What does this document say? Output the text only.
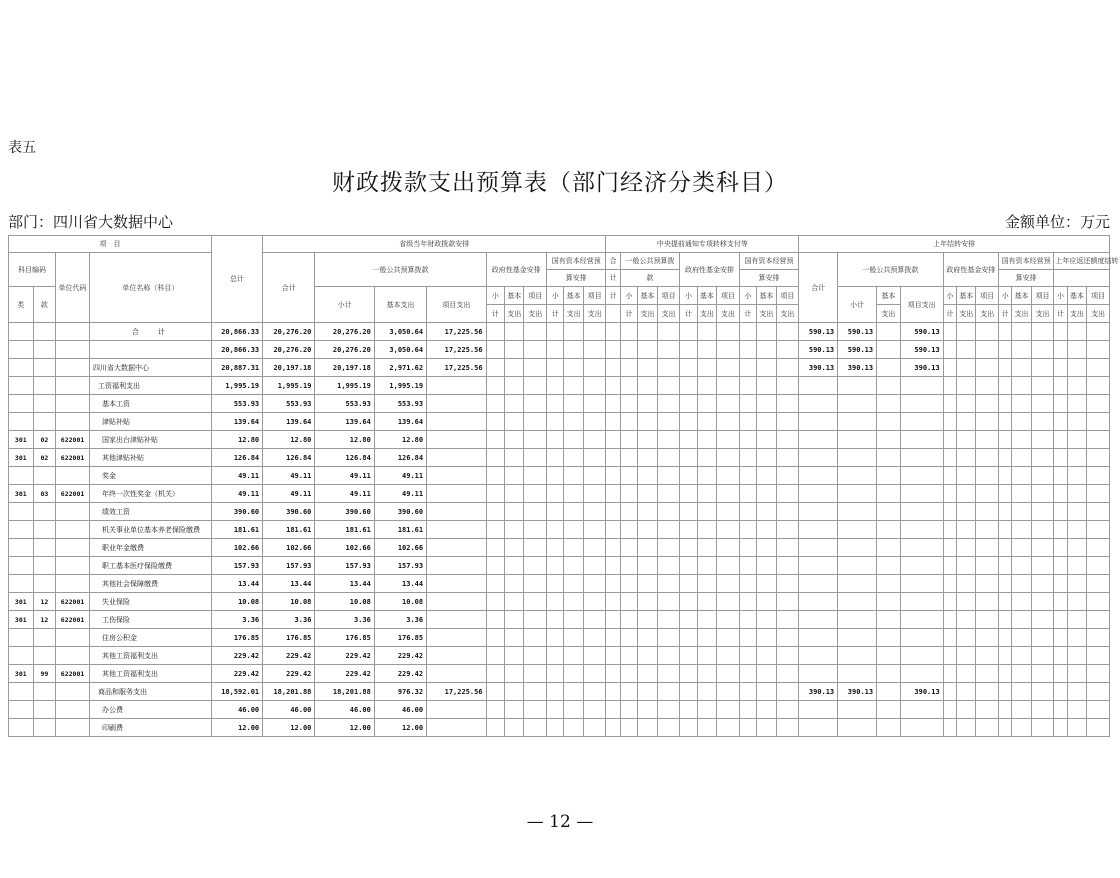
表五
财政拨款支出预算表（部门经济分类科目）
部门：四川省大数据中心	金额单位：万元
项　目				总计	省级当年财政拨款安排										中央提前通知专项转移支付等										上年结转安排												
科目编码		单位代码	单位名称（科目）		合计	一般公共预算拨款			政府性基金安排			国有资本经营预			合	一般公共预算拨			政府性基金安排			国有资本经营预			合计	一般公共预算拨款			政府性基金安排			国有资本经营预			上年应返还额度结转		
												算安排			计	款						算安排										算安排					
类	款					小计	基本支出	项目支出	小	基本	项目	小	基本	项目	计	小	基本	项目	小	基本	项目	小	基本	项目		小计	基本	项目支出	小	基本	项目	小	基本	项目	小	基本	项目
									计	支出	支出	计	支出	支出		计	支出	支出	计	支出	支出	计	支出	支出			支出		计	支出	支出	计	支出	支出	计	支出	支出
			合　计	20,866.33	20,276.20	20,276.20	3,050.64	17,225.56																	590.13	590.13		590.13									
				20,866.33	20,276.20	20,276.20	3,050.64	17,225.56																	590.13	590.13		590.13									
			四川省大数据中心	20,887.31	20,197.18	20,197.18	2,971.62	17,225.56																	390.13	390.13		390.13									
			工资福利支出	1,995.19	1,995.19	1,995.19	1,995.19																														
			基本工资	553.93	553.93	553.93	553.93																														
			津贴补贴	139.64	139.64	139.64	139.64																														
301	02	622001	国家出台津贴补贴	12.80	12.80	12.80	12.80																														
301	02	622001	其他津贴补贴	126.84	126.84	126.84	126.84																														
			奖金	49.11	49.11	49.11	49.11																														
301	03	622001	年终一次性奖金（机关）	49.11	49.11	49.11	49.11																														
			绩效工资	390.60	390.60	390.60	390.60																														
			机关事业单位基本养老保险缴费	181.61	181.61	181.61	181.61																														
			职业年金缴费	102.66	102.66	102.66	102.66																														
			职工基本医疗保险缴费	157.93	157.93	157.93	157.93																														
			其他社会保障缴费	13.44	13.44	13.44	13.44																														
301	12	622001	失业保险	10.08	10.08	10.08	10.08																														
301	12	622001	工伤保险	3.36	3.36	3.36	3.36																														
			住房公积金	176.85	176.85	176.85	176.85																														
			其他工资福利支出	229.42	229.42	229.42	229.42																														
301	99	622001	其他工资福利支出	229.42	229.42	229.42	229.42																														
			商品和服务支出	18,592.01	18,201.88	18,201.88	976.32	17,225.56																	390.13	390.13		390.13									
			办公费	46.00	46.00	46.00	46.00																														
			印刷费	12.00	12.00	12.00	12.00																														
— 12 —
